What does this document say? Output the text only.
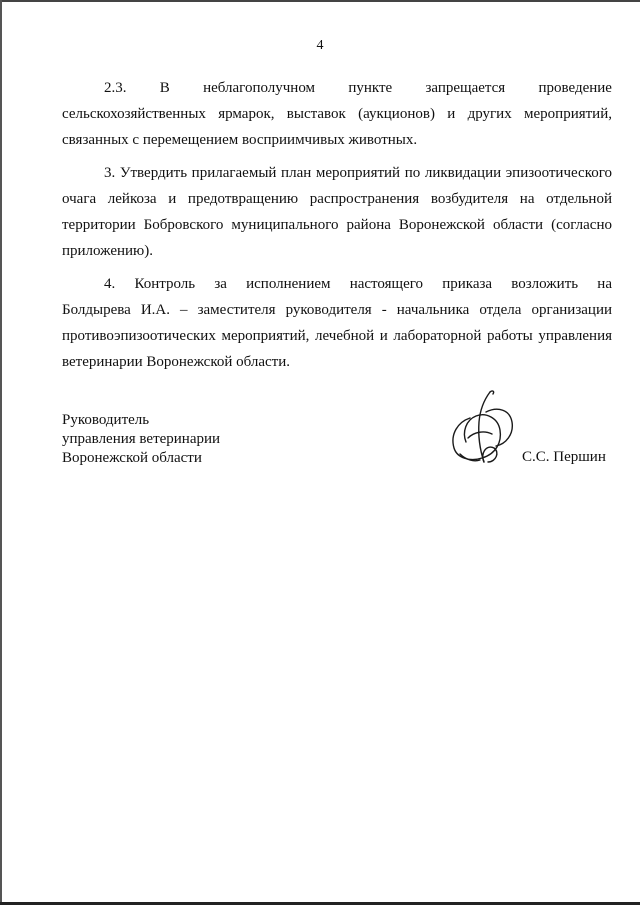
4
2.3. В неблагополучном пункте запрещается проведение
сельскохозяйственных ярмарок, выставок (аукционов) и других мероприятий, связанных с перемещением восприимчивых животных.

3. Утвердить прилагаемый план мероприятий по ликвидации эпизоотического очага лейкоза и предотвращению распространения возбудителя на отдельной территории Бобровского муниципального района Воронежской области (согласно приложению).

4. Контроль за исполнением настоящего приказа возложить на
Болдырева И.А. – заместителя руководителя - начальника отдела организации противоэпизоотических мероприятий, лечебной и лабораторной работы управления ветеринарии Воронежской области.
Руководитель
управления ветеринарии
Воронежской области	С.С. Першин
